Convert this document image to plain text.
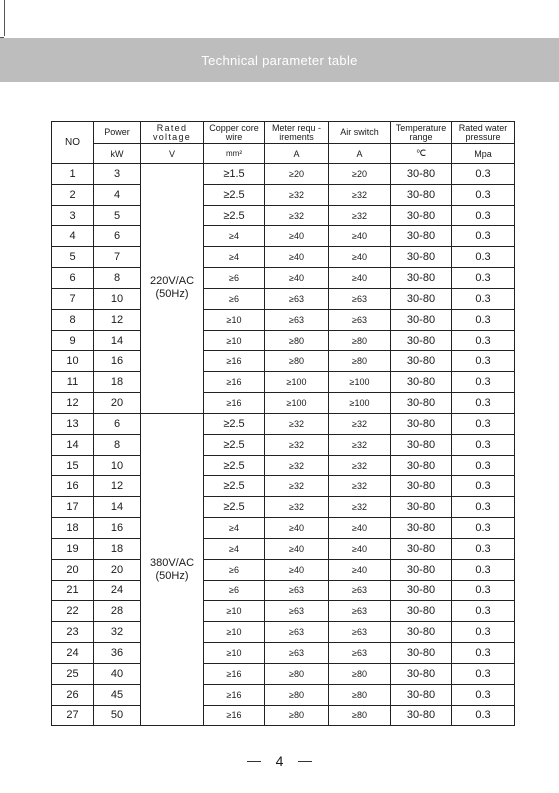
Technical parameter table
NO	Power	Rated voltage	Copper core wire	Meter requ -irements	Air switch	Temperature range	Rated water pressure
	kW	V	mm²	A	A	℃	Mpa
1	3	220V/AC (50Hz)	≥1.5	≥20	≥20	30-80	0.3
2	4		≥2.5	≥32	≥32	30-80	0.3
3	5		≥2.5	≥32	≥32	30-80	0.3
4	6		≥4	≥40	≥40	30-80	0.3
5	7		≥4	≥40	≥40	30-80	0.3
6	8		≥6	≥40	≥40	30-80	0.3
7	10		≥6	≥63	≥63	30-80	0.3
8	12		≥10	≥63	≥63	30-80	0.3
9	14		≥10	≥80	≥80	30-80	0.3
10	16		≥16	≥80	≥80	30-80	0.3
11	18		≥16	≥100	≥100	30-80	0.3
12	20		≥16	≥100	≥100	30-80	0.3
13	6	380V/AC (50Hz)	≥2.5	≥32	≥32	30-80	0.3
14	8		≥2.5	≥32	≥32	30-80	0.3
15	10		≥2.5	≥32	≥32	30-80	0.3
16	12		≥2.5	≥32	≥32	30-80	0.3
17	14		≥2.5	≥32	≥32	30-80	0.3
18	16		≥4	≥40	≥40	30-80	0.3
19	18		≥4	≥40	≥40	30-80	0.3
20	20		≥6	≥40	≥40	30-80	0.3
21	24		≥6	≥63	≥63	30-80	0.3
22	28		≥10	≥63	≥63	30-80	0.3
23	32		≥10	≥63	≥63	30-80	0.3
24	36		≥10	≥63	≥63	30-80	0.3
25	40		≥16	≥80	≥80	30-80	0.3
26	45		≥16	≥80	≥80	30-80	0.3
27	50		≥16	≥80	≥80	30-80	0.3
4
